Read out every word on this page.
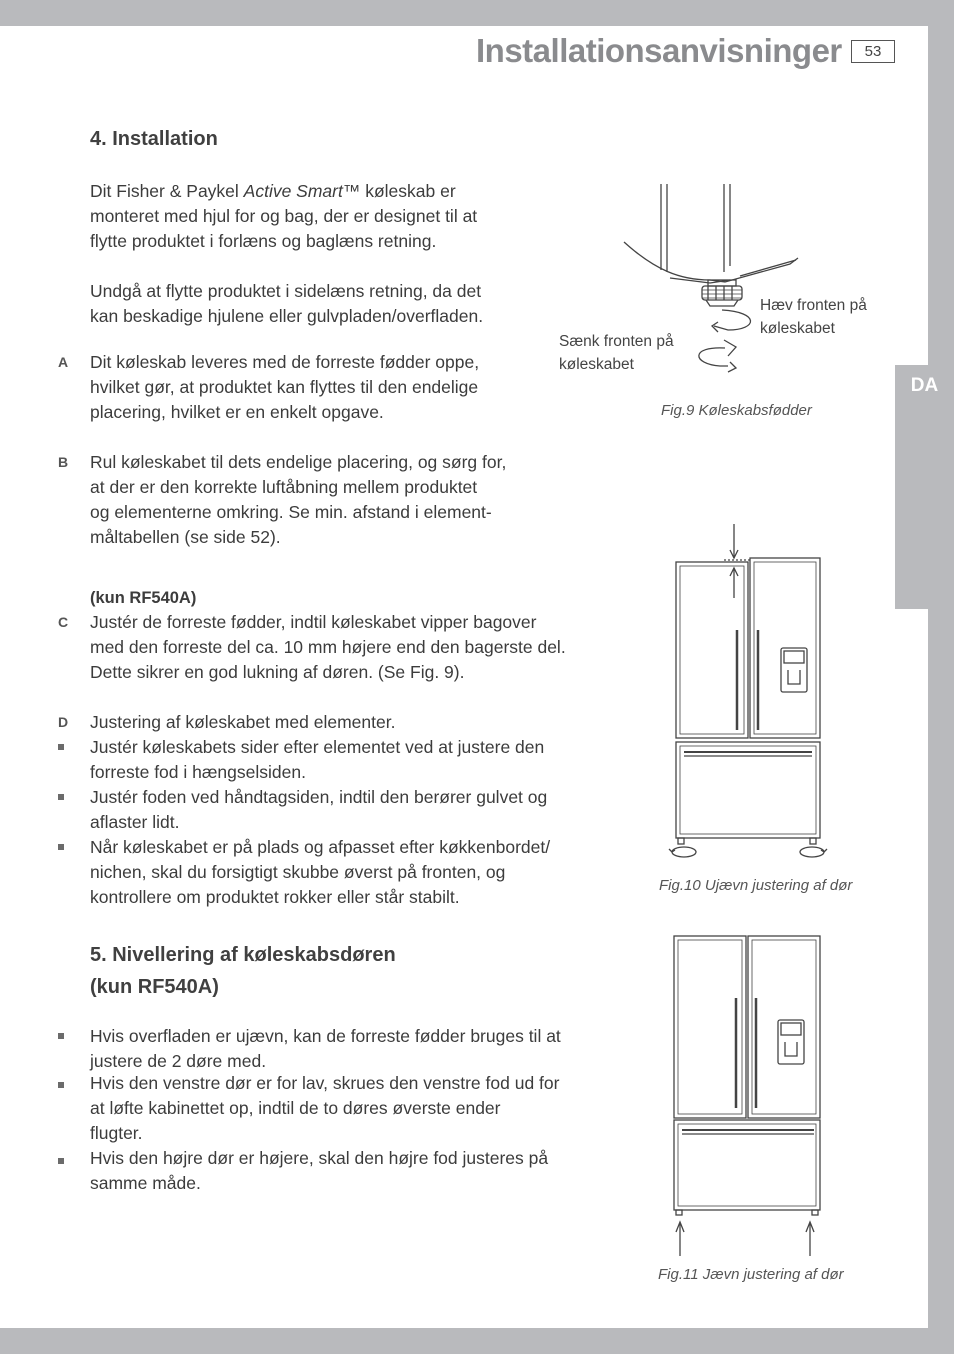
DA
Installationsanvisninger	53
4. Installation
Dit Fisher & Paykel Active Smart™ køleskab er
monteret med hjul for og bag, der er designet til at
flytte produktet i forlæns og baglæns retning.
Undgå at flytte produktet i sidelæns retning, da det
kan beskadige hjulene eller gulvpladen/overfladen.
A Dit køleskab leveres med de forreste fødder oppe,
hvilket gør, at produktet kan flyttes til den endelige
placering, hvilket er en enkelt opgave.
B Rul køleskabet til dets endelige placering, og sørg for,
at der er den korrekte luftåbning mellem produktet
og elementerne omkring. Se min. afstand i element-
måltabellen (se side 52).
(kun RF540A)
C Justér de forreste fødder, indtil køleskabet vipper bagover
med den forreste del ca. 10 mm højere end den bagerste del.
Dette sikrer en god lukning af døren. (Se Fig. 9).
D Justering af køleskabet med elementer.
Justér køleskabets sider efter elementet ved at justere den
forreste fod i hængselsiden.
Justér foden ved håndtagsiden, indtil den berører gulvet og
aflaster lidt.
Når køleskabet er på plads og afpasset efter køkkenbordet/
nichen, skal du forsigtigt skubbe øverst på fronten, og
kontrollere om produktet rokker eller står stabilt.
5. Nivellering af køleskabsdøren
(kun RF540A)
Hvis overfladen er ujævn, kan de forreste fødder bruges til at
justere de 2 døre med.
Hvis den venstre dør er for lav, skrues den venstre fod ud for
at løfte kabinettet op, indtil de to døres øverste ender
flugter.
Hvis den højre dør er højere, skal den højre fod justeres på
samme måde.
Hæv fronten på
køleskabet
Sænk fronten på
køleskabet
Fig.9 Køleskabsfødder
Fig.10 Ujævn justering af dør
Fig.11 Jævn justering af dør
